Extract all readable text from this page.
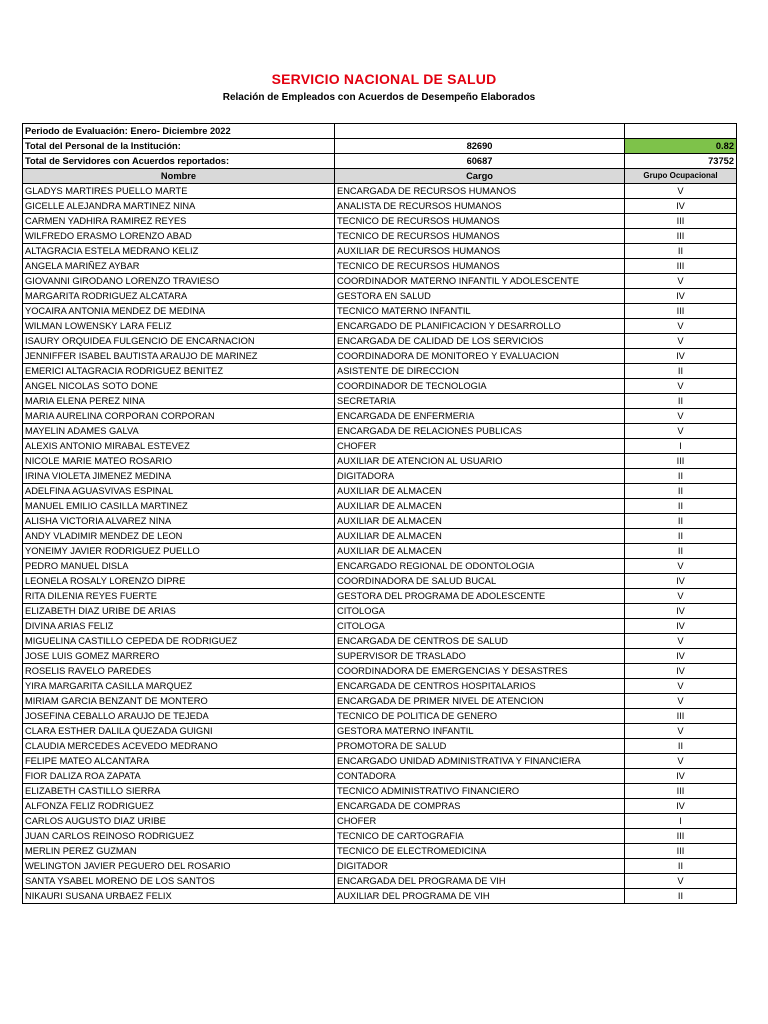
SERVICIO NACIONAL DE SALUD
Relación de Empleados con Acuerdos de Desempeño Elaborados
Periodo de Evaluación: Enero- Diciembre 2022		
Total del Personal de la Institución:	82690	0.82
Total de Servidores con Acuerdos reportados:	60687	73752
Nombre	Cargo	Grupo Ocupacional
GLADYS MARTIRES PUELLO MARTE	ENCARGADA DE RECURSOS HUMANOS	V
GICELLE ALEJANDRA MARTINEZ NINA	ANALISTA DE RECURSOS HUMANOS	IV
CARMEN YADHIRA RAMIREZ REYES	TECNICO DE RECURSOS HUMANOS	III
WILFREDO ERASMO LORENZO ABAD	TECNICO DE RECURSOS HUMANOS	III
ALTAGRACIA ESTELA MEDRANO KELIZ	AUXILIAR DE RECURSOS HUMANOS	II
ANGELA MARIÑEZ AYBAR	TECNICO DE RECURSOS HUMANOS	III
GIOVANNI GIRODANO LORENZO TRAVIESO	COORDINADOR MATERNO INFANTIL Y ADOLESCENTE	V
MARGARITA RODRIGUEZ ALCATARA	GESTORA EN SALUD	IV
YOCAIRA ANTONIA MENDEZ DE MEDINA	TECNICO MATERNO INFANTIL	III
WILMAN LOWENSKY LARA FELIZ	ENCARGADO DE PLANIFICACION Y DESARROLLO	V
ISAURY ORQUIDEA FULGENCIO DE ENCARNACION	ENCARGADA DE CALIDAD DE LOS SERVICIOS	V
JENNIFFER ISABEL BAUTISTA ARAUJO DE MARINEZ	COORDINADORA DE MONITOREO Y EVALUACION	IV
EMERICI ALTAGRACIA RODRIGUEZ BENITEZ	ASISTENTE DE DIRECCION	II
ANGEL NICOLAS SOTO DONE	COORDINADOR DE TECNOLOGIA	V
MARIA ELENA PEREZ NINA	SECRETARIA	II
MARIA AURELINA CORPORAN CORPORAN	ENCARGADA DE ENFERMERIA	V
MAYELIN ADAMES GALVA	ENCARGADA DE RELACIONES PUBLICAS	V
ALEXIS ANTONIO MIRABAL ESTEVEZ	CHOFER	I
NICOLE MARIE MATEO ROSARIO	AUXILIAR DE ATENCION AL USUARIO	III
IRINA VIOLETA JIMENEZ MEDINA	DIGITADORA	II
ADELFINA AGUASVIVAS ESPINAL	AUXILIAR DE ALMACEN	II
MANUEL EMILIO CASILLA MARTINEZ	AUXILIAR DE ALMACEN	II
ALISHA VICTORIA ALVAREZ NINA	AUXILIAR DE ALMACEN	II
ANDY VLADIMIR MENDEZ DE LEON	AUXILIAR DE ALMACEN	II
YONEIMY JAVIER RODRIGUEZ PUELLO	AUXILIAR DE ALMACEN	II
PEDRO MANUEL DISLA	ENCARGADO REGIONAL DE ODONTOLOGIA	V
LEONELA ROSALY LORENZO DIPRE	COORDINADORA DE SALUD BUCAL	IV
RITA DILENIA REYES FUERTE	GESTORA DEL PROGRAMA DE ADOLESCENTE	V
ELIZABETH DIAZ URIBE DE ARIAS	CITOLOGA	IV
DIVINA ARIAS FELIZ	CITOLOGA	IV
MIGUELINA CASTILLO CEPEDA DE RODRIGUEZ	ENCARGADA DE CENTROS DE SALUD	V
JOSE LUIS GOMEZ MARRERO	SUPERVISOR DE TRASLADO	IV
ROSELIS RAVELO PAREDES	COORDINADORA DE EMERGENCIAS Y DESASTRES	IV
YIRA MARGARITA CASILLA MARQUEZ	ENCARGADA DE CENTROS HOSPITALARIOS	V
MIRIAM GARCIA BENZANT DE MONTERO	ENCARGADA DE PRIMER NIVEL DE ATENCION	V
JOSEFINA CEBALLO ARAUJO DE TEJEDA	TECNICO DE POLITICA DE GENERO	III
CLARA ESTHER DALILA QUEZADA GUIGNI	GESTORA MATERNO INFANTIL	V
CLAUDIA MERCEDES ACEVEDO MEDRANO	PROMOTORA DE SALUD	II
FELIPE MATEO ALCANTARA	ENCARGADO UNIDAD ADMINISTRATIVA Y FINANCIERA	V
FIOR DALIZA ROA ZAPATA	CONTADORA	IV
ELIZABETH CASTILLO SIERRA	TECNICO ADMINISTRATIVO FINANCIERO	III
ALFONZA FELIZ RODRIGUEZ	ENCARGADA DE COMPRAS	IV
CARLOS AUGUSTO DIAZ URIBE	CHOFER	I
JUAN CARLOS REINOSO RODRIGUEZ	TECNICO DE CARTOGRAFIA	III
MERLIN PEREZ GUZMAN	TECNICO DE ELECTROMEDICINA	III
WELINGTON JAVIER PEGUERO DEL ROSARIO	DIGITADOR	II
SANTA YSABEL MORENO DE LOS SANTOS	ENCARGADA DEL PROGRAMA DE VIH	V
NIKAURI SUSANA URBAEZ FELIX	AUXILIAR DEL PROGRAMA DE VIH	II
